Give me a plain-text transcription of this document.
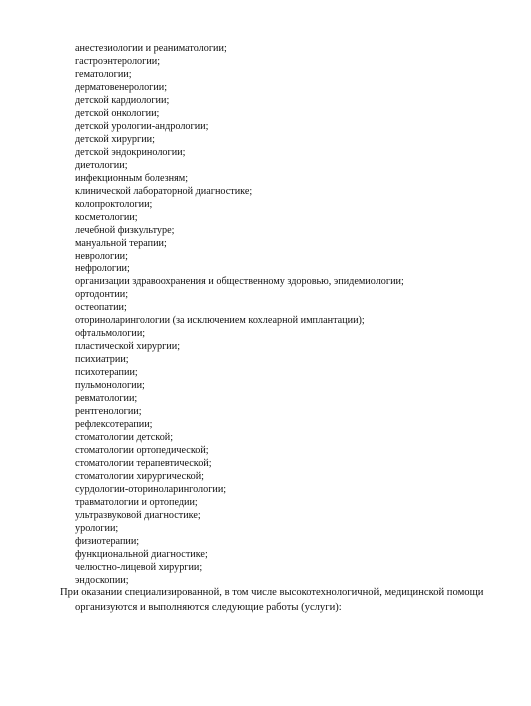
анестезиологии и реаниматологии;
гастроэнтерологии;
гематологии;
дерматовенерологии;
детской кардиологии;
детской онкологии;
детской урологии-андрологии;
детской хирургии;
детской эндокринологии;
диетологии;
инфекционным болезням;
клинической лабораторной диагностике;
колопроктологии;
косметологии;
лечебной физкультуре;
мануальной терапии;
неврологии;
нефрологии;
организации здравоохранения и общественному здоровью, эпидемиологии;
ортодонтии;
остеопатии;
оториноларингологии (за исключением кохлеарной имплантации);
офтальмологии;
пластической хирургии;
психиатрии;
психотерапии;
пульмонологии;
ревматологии;
рентгенологии;
рефлексотерапии;
стоматологии детской;
стоматологии ортопедической;
стоматологии терапевтической;
стоматологии хирургической;
сурдологии-оториноларингологии;
травматологии и ортопедии;
ультразвуковой диагностике;
урологии;
физиотерапии;
функциональной диагностике;
челюстно-лицевой хирургии;
эндоскопии;

При оказании специализированной, в том числе высокотехнологичной, медицинской помощи
организуются и выполняются следующие работы (услуги):
